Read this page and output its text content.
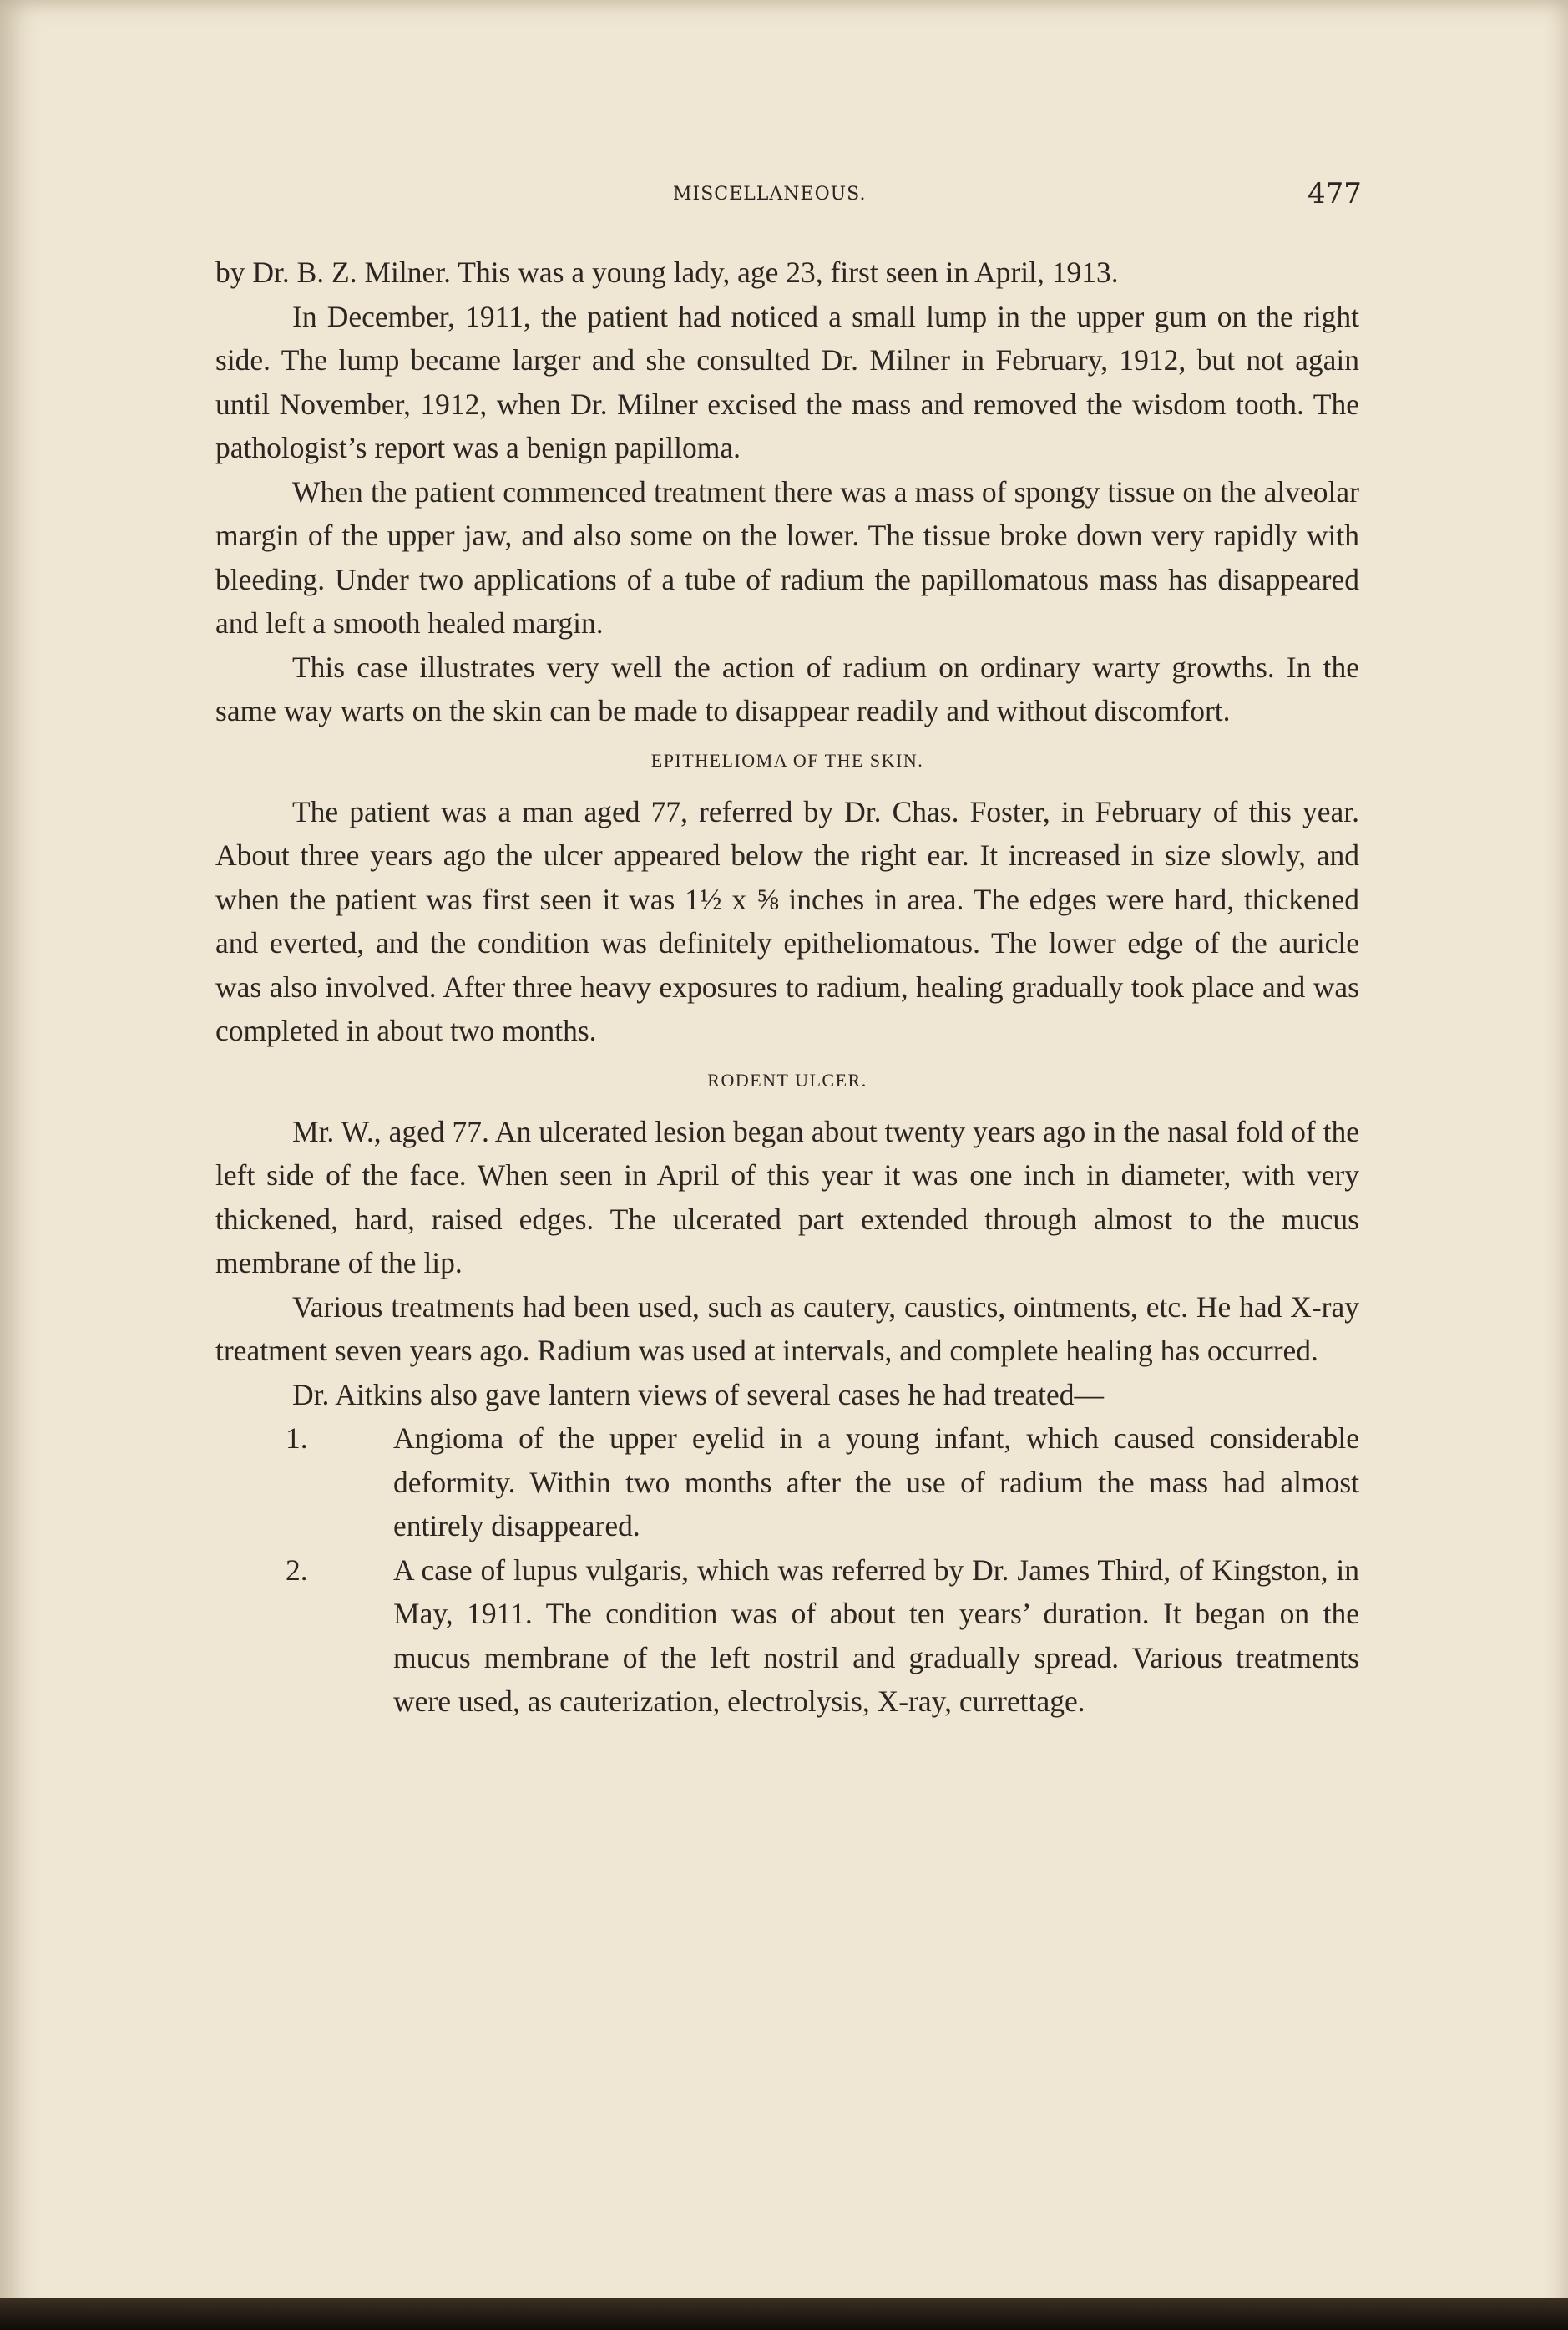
MISCELLANEOUS.	477

by Dr. B. Z. Milner. This was a young lady, age 23, first seen in April, 1913.

In December, 1911, the patient had noticed a small lump in the upper gum on the right side. The lump became larger and she consulted Dr. Milner in February, 1912, but not again until November, 1912, when Dr. Milner excised the mass and removed the wisdom tooth. The pathologist’s report was a benign papilloma.

When the patient commenced treatment there was a mass of spongy tissue on the alveolar margin of the upper jaw, and also some on the lower. The tissue broke down very rapidly with bleeding. Under two applications of a tube of radium the papillomatous mass has disappeared and left a smooth healed margin.

This case illustrates very well the action of radium on ordinary warty growths. In the same way warts on the skin can be made to disappear readily and without discomfort.

EPITHELIOMA OF THE SKIN.

The patient was a man aged 77, referred by Dr. Chas. Foster, in February of this year. About three years ago the ulcer appeared below the right ear. It increased in size slowly, and when the patient was first seen it was 1½ x ⅝ inches in area. The edges were hard, thickened and everted, and the condition was definitely epitheliomatous. The lower edge of the auricle was also involved. After three heavy exposures to radium, healing gradually took place and was completed in about two months.

RODENT ULCER.

Mr. W., aged 77. An ulcerated lesion began about twenty years ago in the nasal fold of the left side of the face. When seen in April of this year it was one inch in diameter, with very thickened, hard, raised edges. The ulcerated part extended through almost to the mucus membrane of the lip.

Various treatments had been used, such as cautery, caustics, ointments, etc. He had X-ray treatment seven years ago. Radium was used at intervals, and complete healing has occurred.

Dr. Aitkins also gave lantern views of several cases he had treated—

1.	Angioma of the upper eyelid in a young infant, which caused considerable deformity. Within two months after the use of radium the mass had almost entirely disappeared.
2.	A case of lupus vulgaris, which was referred by Dr. James Third, of Kingston, in May, 1911. The condition was of about ten years’ duration. It began on the mucus membrane of the left nostril and gradually spread. Various treatments were used, as cauterization, electrolysis, X-ray, currettage.
